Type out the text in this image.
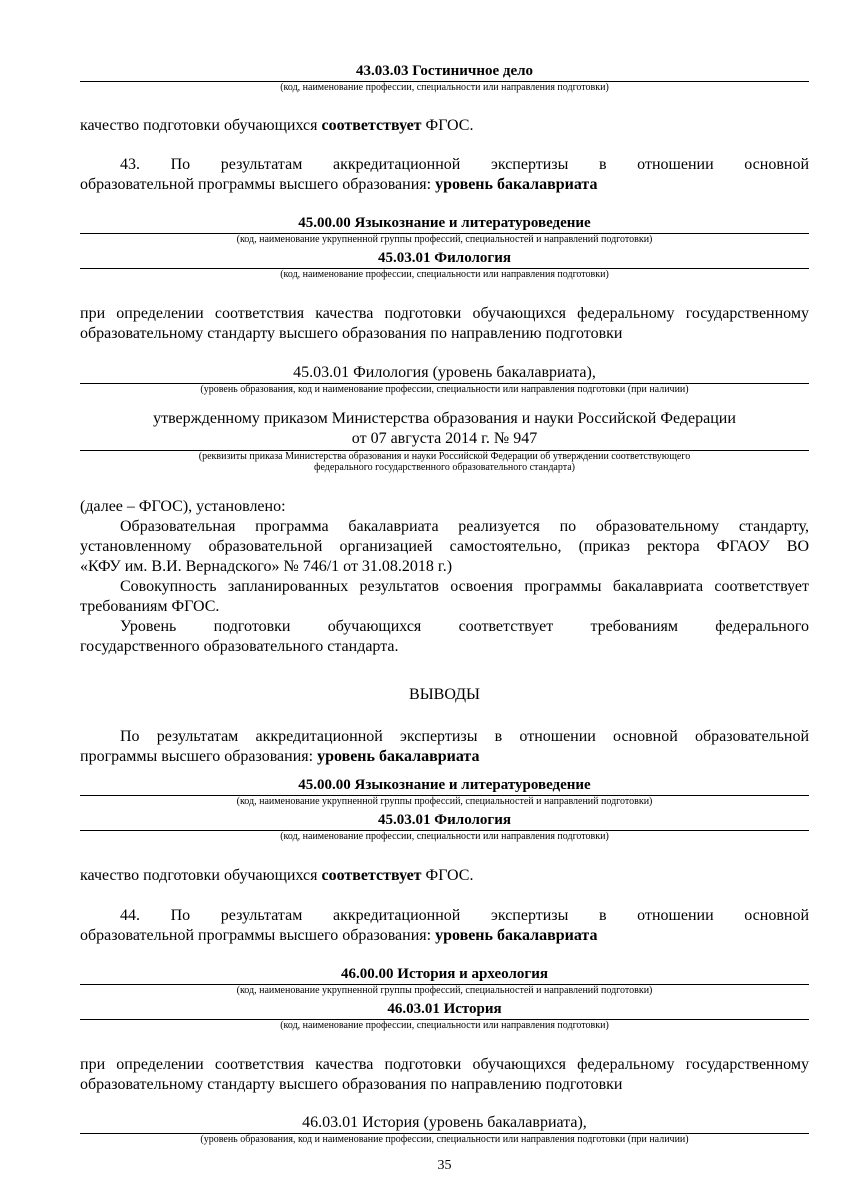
43.03.03 Гостиничное дело
(код, наименование профессии, специальности или направления подготовки)
качество подготовки обучающихся соответствует ФГОС.
43. По результатам аккредитационной экспертизы в отношении основной
образовательной программы высшего образования: уровень бакалавриата
45.00.00 Языкознание и литературоведение
(код, наименование укрупненной группы профессий, специальностей и направлений подготовки)
45.03.01 Филология
(код, наименование профессии, специальности или направления подготовки)
при определении соответствия качества подготовки обучающихся федеральному государственному
образовательному стандарту высшего образования по направлению подготовки
45.03.01 Филология (уровень бакалавриата),
(уровень образования, код и наименование профессии, специальности или направления подготовки (при наличии)
утвержденному приказом Министерства образования и науки Российской Федерации
от 07 августа 2014 г. № 947
(реквизиты приказа Министерства образования и науки Российской Федерации об утверждении соответствующего
федерального государственного образовательного стандарта)
(далее – ФГОС), установлено:
Образовательная программа бакалавриата реализуется по образовательному стандарту,
установленному образовательной организацией самостоятельно, (приказ ректора ФГАОУ ВО
«КФУ им. В.И. Вернадского» № 746/1 от 31.08.2018 г.)
Совокупность запланированных результатов освоения программы бакалавриата соответствует
требованиям ФГОС.
Уровень подготовки обучающихся соответствует требованиям федерального
государственного образовательного стандарта.
ВЫВОДЫ
По результатам аккредитационной экспертизы в отношении основной образовательной
программы высшего образования: уровень бакалавриата
45.00.00 Языкознание и литературоведение
(код, наименование укрупненной группы профессий, специальностей и направлений подготовки)
45.03.01 Филология
(код, наименование профессии, специальности или направления подготовки)
качество подготовки обучающихся соответствует ФГОС.
44. По результатам аккредитационной экспертизы в отношении основной
образовательной программы высшего образования: уровень бакалавриата
46.00.00 История и археология
(код, наименование укрупненной группы профессий, специальностей и направлений подготовки)
46.03.01 История
(код, наименование профессии, специальности или направления подготовки)
при определении соответствия качества подготовки обучающихся федеральному государственному
образовательному стандарту высшего образования по направлению подготовки
46.03.01 История (уровень бакалавриата),
(уровень образования, код и наименование профессии, специальности или направления подготовки (при наличии)
35
